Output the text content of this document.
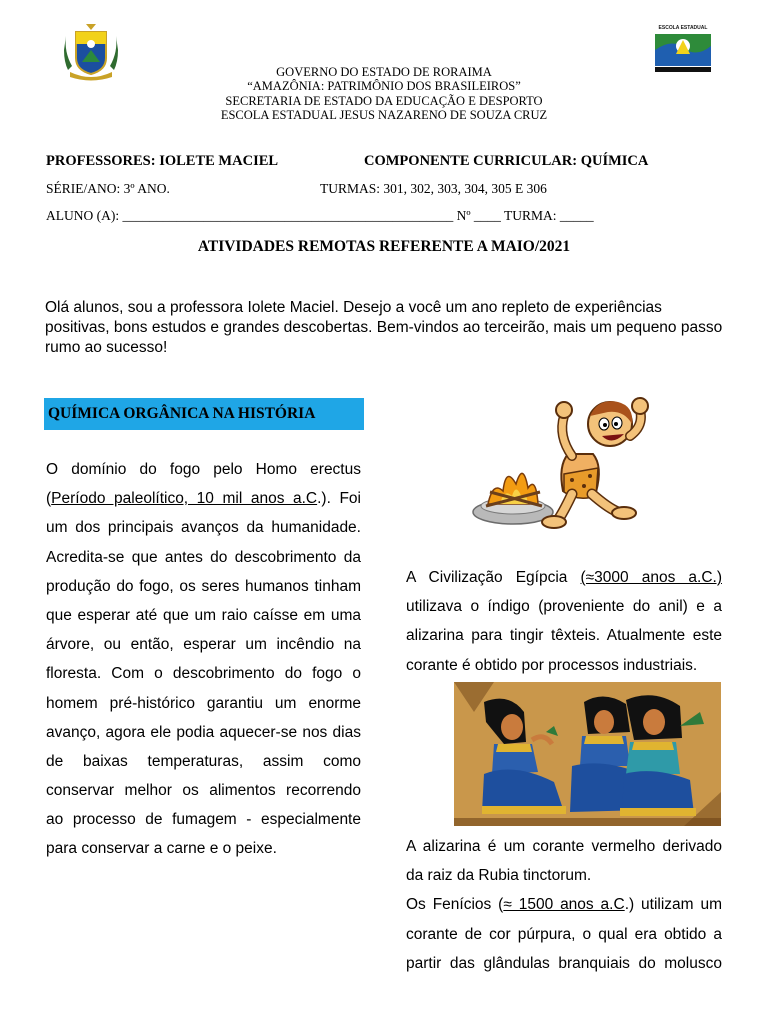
ESCOLA ESTADUAL
GOVERNO DO ESTADO DE RORAIMA
“AMAZÔNIA: PATRIMÔNIO DOS BRASILEIROS”
SECRETARIA DE ESTADO DA EDUCAÇÃO E DESPORTO
ESCOLA ESTADUAL JESUS NAZARENO DE SOUZA CRUZ
PROFESSORES: IOLETE MACIEL	COMPONENTE CURRICULAR: QUÍMICA
SÉRIE/ANO: 3º ANO.	TURMAS: 301, 302, 303, 304, 305 E 306
ALUNO (A): _________________________________________________ Nº ____ TURMA: _____
ATIVIDADES REMOTAS REFERENTE A MAIO/2021
Olá alunos, sou a professora Iolete Maciel. Desejo a você um ano repleto de experiências positivas, bons estudos e grandes descobertas. Bem-vindos ao terceirão, mais um pequeno passo rumo ao sucesso!
QUÍMICA ORGÂNICA NA HISTÓRIA
O domínio do fogo pelo Homo erectus
(Período paleolítico, 10 mil anos a.C.). Foi
um dos principais avanços da humanidade.
Acredita-se que antes do descobrimento da
produção do fogo, os seres humanos tinham
que esperar até que um raio caísse em uma
árvore, ou então, esperar um incêndio na
floresta. Com o descobrimento do fogo o
homem pré-histórico garantiu um enorme
avanço, agora ele podia aquecer-se nos dias
de baixas temperaturas, assim como
conservar melhor os alimentos recorrendo
ao processo de fumagem - especialmente
para conservar a carne e o peixe.
A Civilização Egípcia (≈3000 anos a.C.)
utilizava o índigo (proveniente do anil) e a
alizarina para tingir têxteis. Atualmente este
corante é obtido por processos industriais.
A alizarina é um corante vermelho derivado
da raiz da Rubia tinctorum.
Os Fenícios (≈ 1500 anos a.C.) utilizam um
corante de cor púrpura, o qual era obtido a
partir das glândulas branquiais do molusco
